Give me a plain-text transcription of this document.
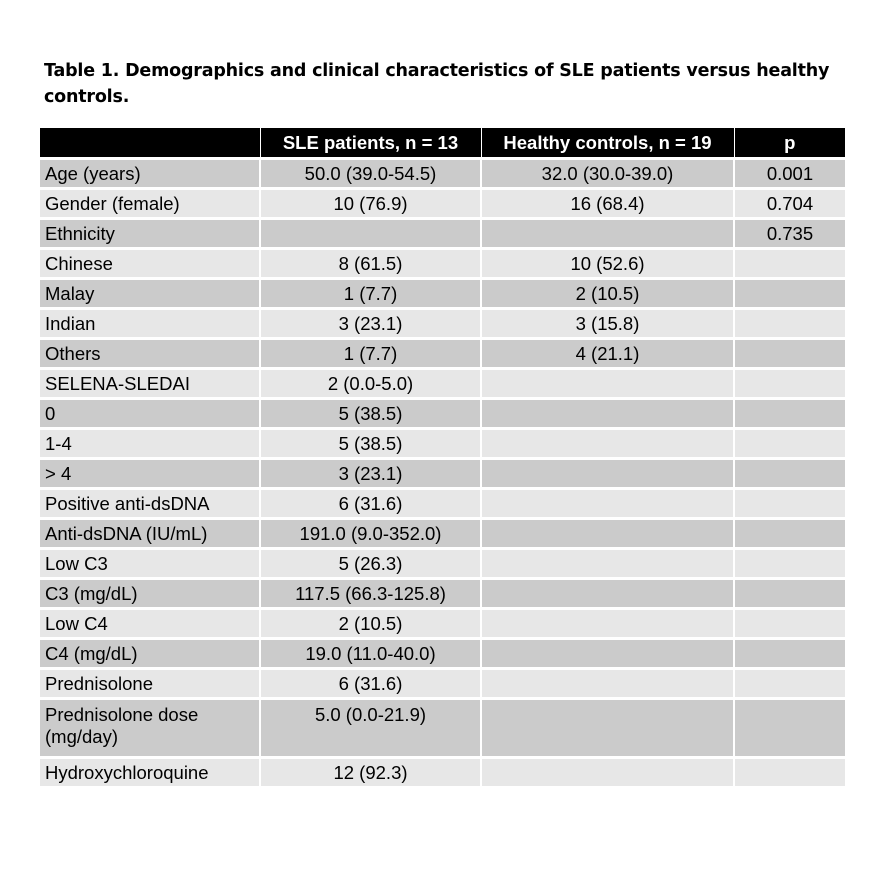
Table 1. Demographics and clinical characteristics of SLE patients versus healthy
controls.
	SLE patients, n = 13	Healthy controls, n = 19	p
Age (years)	50.0 (39.0-54.5)	32.0 (30.0-39.0)	0.001
Gender (female)	10 (76.9)	16 (68.4)	0.704
Ethnicity			0.735
Chinese	8 (61.5)	10 (52.6)	
Malay	1 (7.7)	2 (10.5)	
Indian	3 (23.1)	3 (15.8)	
Others	1 (7.7)	4 (21.1)	
SELENA-SLEDAI	2 (0.0-5.0)		
0	5 (38.5)		
1-4	5 (38.5)		
> 4	3 (23.1)		
Positive anti-dsDNA	6 (31.6)		
Anti-dsDNA (IU/mL)	191.0 (9.0-352.0)		
Low C3	5 (26.3)		
C3 (mg/dL)	117.5 (66.3-125.8)		
Low C4	2 (10.5)		
C4 (mg/dL)	19.0 (11.0-40.0)		
Prednisolone	6 (31.6)		
Prednisolone dose (mg/day)	5.0 (0.0-21.9)		
Hydroxychloroquine	12 (92.3)		
